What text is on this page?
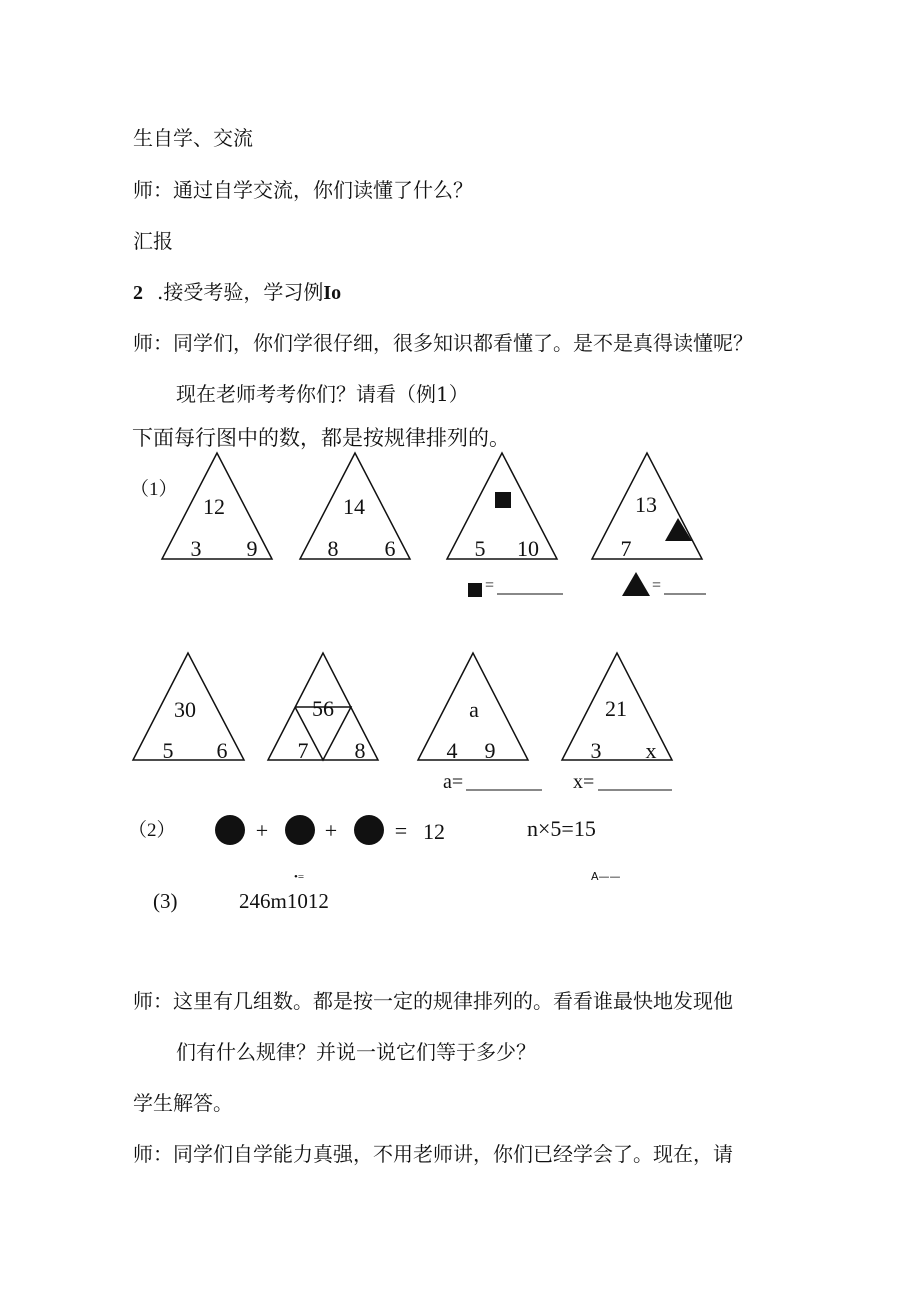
生自学、交流
师：通过自学交流，你们读懂了什么？
汇报
2 .接受考验，学习例Io
师：同学们，你们学很仔细，很多知识都看懂了。是不是真得读懂呢？
现在老师考考你们？请看（例1）
下面每行图中的数，都是按规律排列的。
（1）
12
3 9
14
8 6	5 10
13
7
=	=
30
5 6
56
7 8
a
4 9
21
3 x
a=	x=
（2）	+	+	= 12	n×5=15
•=	A——
(3)	246m1012
师：这里有几组数。都是按一定的规律排列的。看看谁最快地发现他
们有什么规律？并说一说它们等于多少？
学生解答。
师：同学们自学能力真强，不用老师讲，你们已经学会了。现在，请
